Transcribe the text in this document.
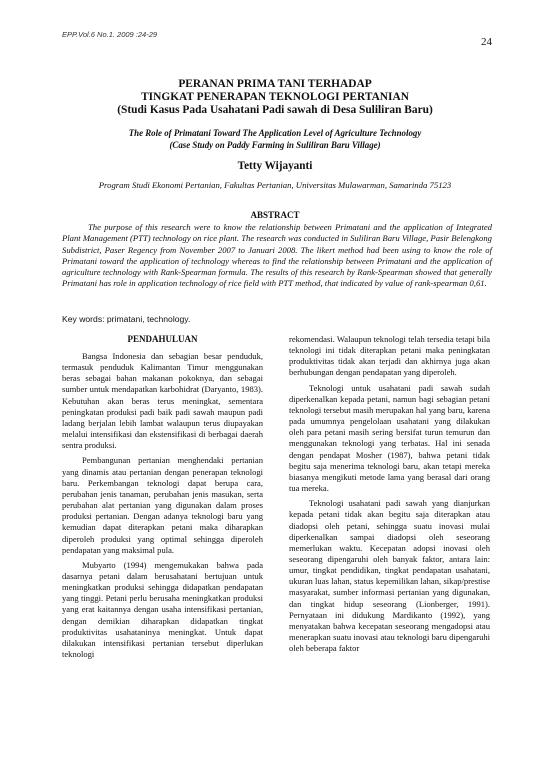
EPP.Vol.6 No.1. 2009 :24-29
24
PERANAN PRIMA TANI TERHADAP
TINGKAT PENERAPAN TEKNOLOGI PERTANIAN
(Studi Kasus Pada Usahatani Padi sawah di Desa Suliliran Baru)
The Role of Primatani Toward The Application Level of Agriculture Technology
(Case Study on Paddy Farming in Suliliran Baru Village)
Tetty Wijayanti
Program Studi Ekonomi Pertanian, Fakultas Pertanian, Universitas Mulawarman, Samarinda 75123
ABSTRACT
The purpose of this research were to know the relationship between Primatani and the application of Integrated Plant Management (PTT) technology on rice plant. The research was conducted in Suliliran Baru Village, Pasir Belengkong Subdistrict, Paser Regency from November 2007 to Januari 2008. The likert method had been using to know the role of Primatani toward the application of technology whereas to find the relationship between Primatani and the application of agriculture technology with Rank-Spearman formula. The results of this research by Rank-Spearman showed that generally Primatani has role in application technology of rice field with PTT method, that indicated by value of rank-spearman 0,61.
Key words: primatani, technology.
PENDAHULUAN

Bangsa Indonesia dan sebagian besar penduduk, termasuk penduduk Kalimantan Timur menggunakan beras sebagai bahan makanan pokoknya, dan sebagai sumber untuk mendapatkan karbohidrat (Daryanto, 1983). Kebutuhan akan beras terus meningkat, sementara peningkatan produksi padi baik padi sawah maupun padi ladang berjalan lebih lambat walaupun terus diupayakan melalui intensifikasi dan ekstensifikasi di berbagai daerah sentra produksi.

Pembangunan pertanian menghendaki pertanian yang dinamis atau pertanian dengan penerapan teknologi baru. Perkembangan teknologi dapat berupa cara, perubahan jenis tanaman, perubahan jenis masukan, serta perubahan alat pertanian yang digunakan dalam proses produksi pertanian. Dengan adanya teknologi baru yang kemudian dapat diterapkan petani maka diharapkan diperoleh produksi yang optimal sehingga diperoleh pendapatan yang maksimal pula.

Mubyarto (1994) mengemukakan bahwa pada dasarnya petani dalam berusahatani bertujuan untuk meningkatkan produksi sehingga didapatkan pendapatan yang tinggi. Petani perlu berusaha meningkatkan produksi yang erat kaitannya dengan usaha intensifikasi pertanian, dengan demikian diharapkan didapatkan tingkat produktivitas usahataninya meningkat. Untuk dapat dilakukan intensifikasi pertanian tersebut diperlukan teknologi

rekomendasi. Walaupun teknologi telah tersedia tetapi bila teknologi ini tidak diterapkan petani maka peningkatan produktivitas tidak akan terjadi dan akhirnya juga akan berhubungan dengan pendapatan yang diperoleh.

Teknologi untuk usahatani padi sawah sudah diperkenalkan kepada petani, namun bagi sebagian petani teknologi tersebut masih merupakan hal yang baru, karena pada umumnya pengelolaan usahatani yang dilakukan oleh para petani masih sering bersifat turun temurun dan menggunakan teknologi yang terbatas. Hal ini senada dengan pendapat Mosher (1987), bahwa petani tidak begitu saja menerima teknologi baru, akan tetapi mereka biasanya mengikuti metode lama yang berasal dari orang tua mereka.

Teknologi usahatani padi sawah yang dianjurkan kepada petani tidak akan begitu saja diterapkan atau diadopsi oleh petani, sehingga suatu inovasi mulai diperkenalkan sampai diadopsi oleh seseorang memerlukan waktu. Kecepatan adopsi inovasi oleh seseorang dipengaruhi oleh banyak faktor, antara lain: umur, tingkat pendidikan, tingkat pendapatan usahatani, ukuran luas lahan, status kepemilikan lahan, sikap/prestise masyarakat, sumber informasi pertanian yang digunakan, dan tingkat hidup seseorang (Lionberger, 1991). Pernyataan ini didukung Mardikanto (1992), yang menyatakan bahwa kecepatan seseorang mengadopsi atau menerapkan suatu inovasi atau teknologi baru dipengaruhi oleh beberapa faktor
